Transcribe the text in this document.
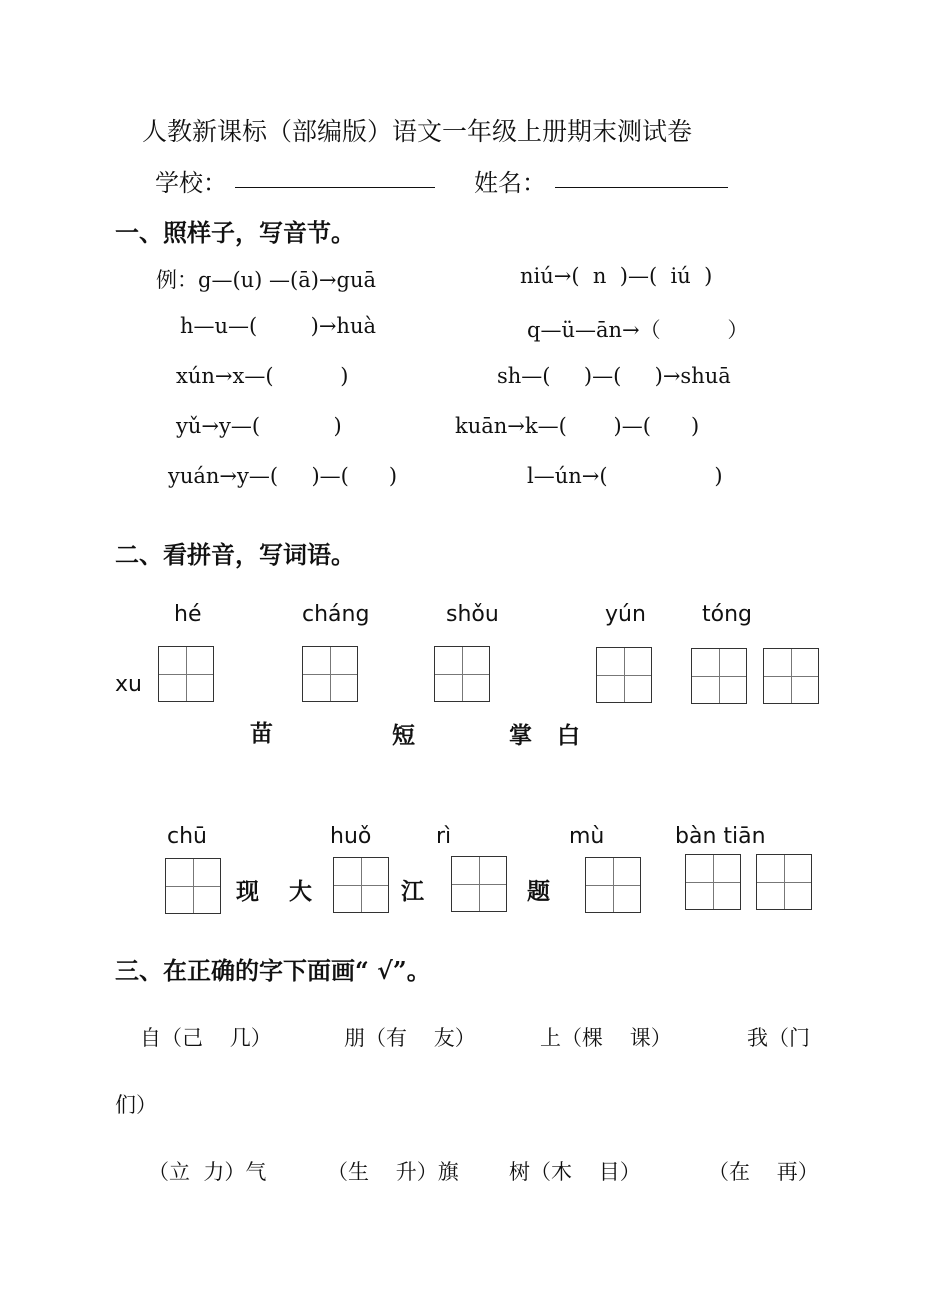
人教新课标（部编版）语文一年级上册期末测试卷
学校：	姓名：
一、照样子，写音节。
例：g—(u) —(ā)→guā	niú→(  n  )—(  iú  )
h—u—(        )→huà	q—ü—ān→（          ）
xún→x—(          )	sh—(     )—(     )→shuā
yǔ→y—(           )	kuān→k—(       )—(      )
yuán→y—(     )—(      )	l—ún→(                )
二、看拼音，写词语。
hé	cháng	shǒu	yún	tóng
xu
苗	短	掌 白
chū	huǒ	rì	mù	bàn tiān
现 大	江	题
三、在正确的字下面画“ √”。
自（己    几）	朋（有    友）	上（棵    课）	我（门
们）
（立  力）气	（生    升）旗 树（木    目）	（在    再）
